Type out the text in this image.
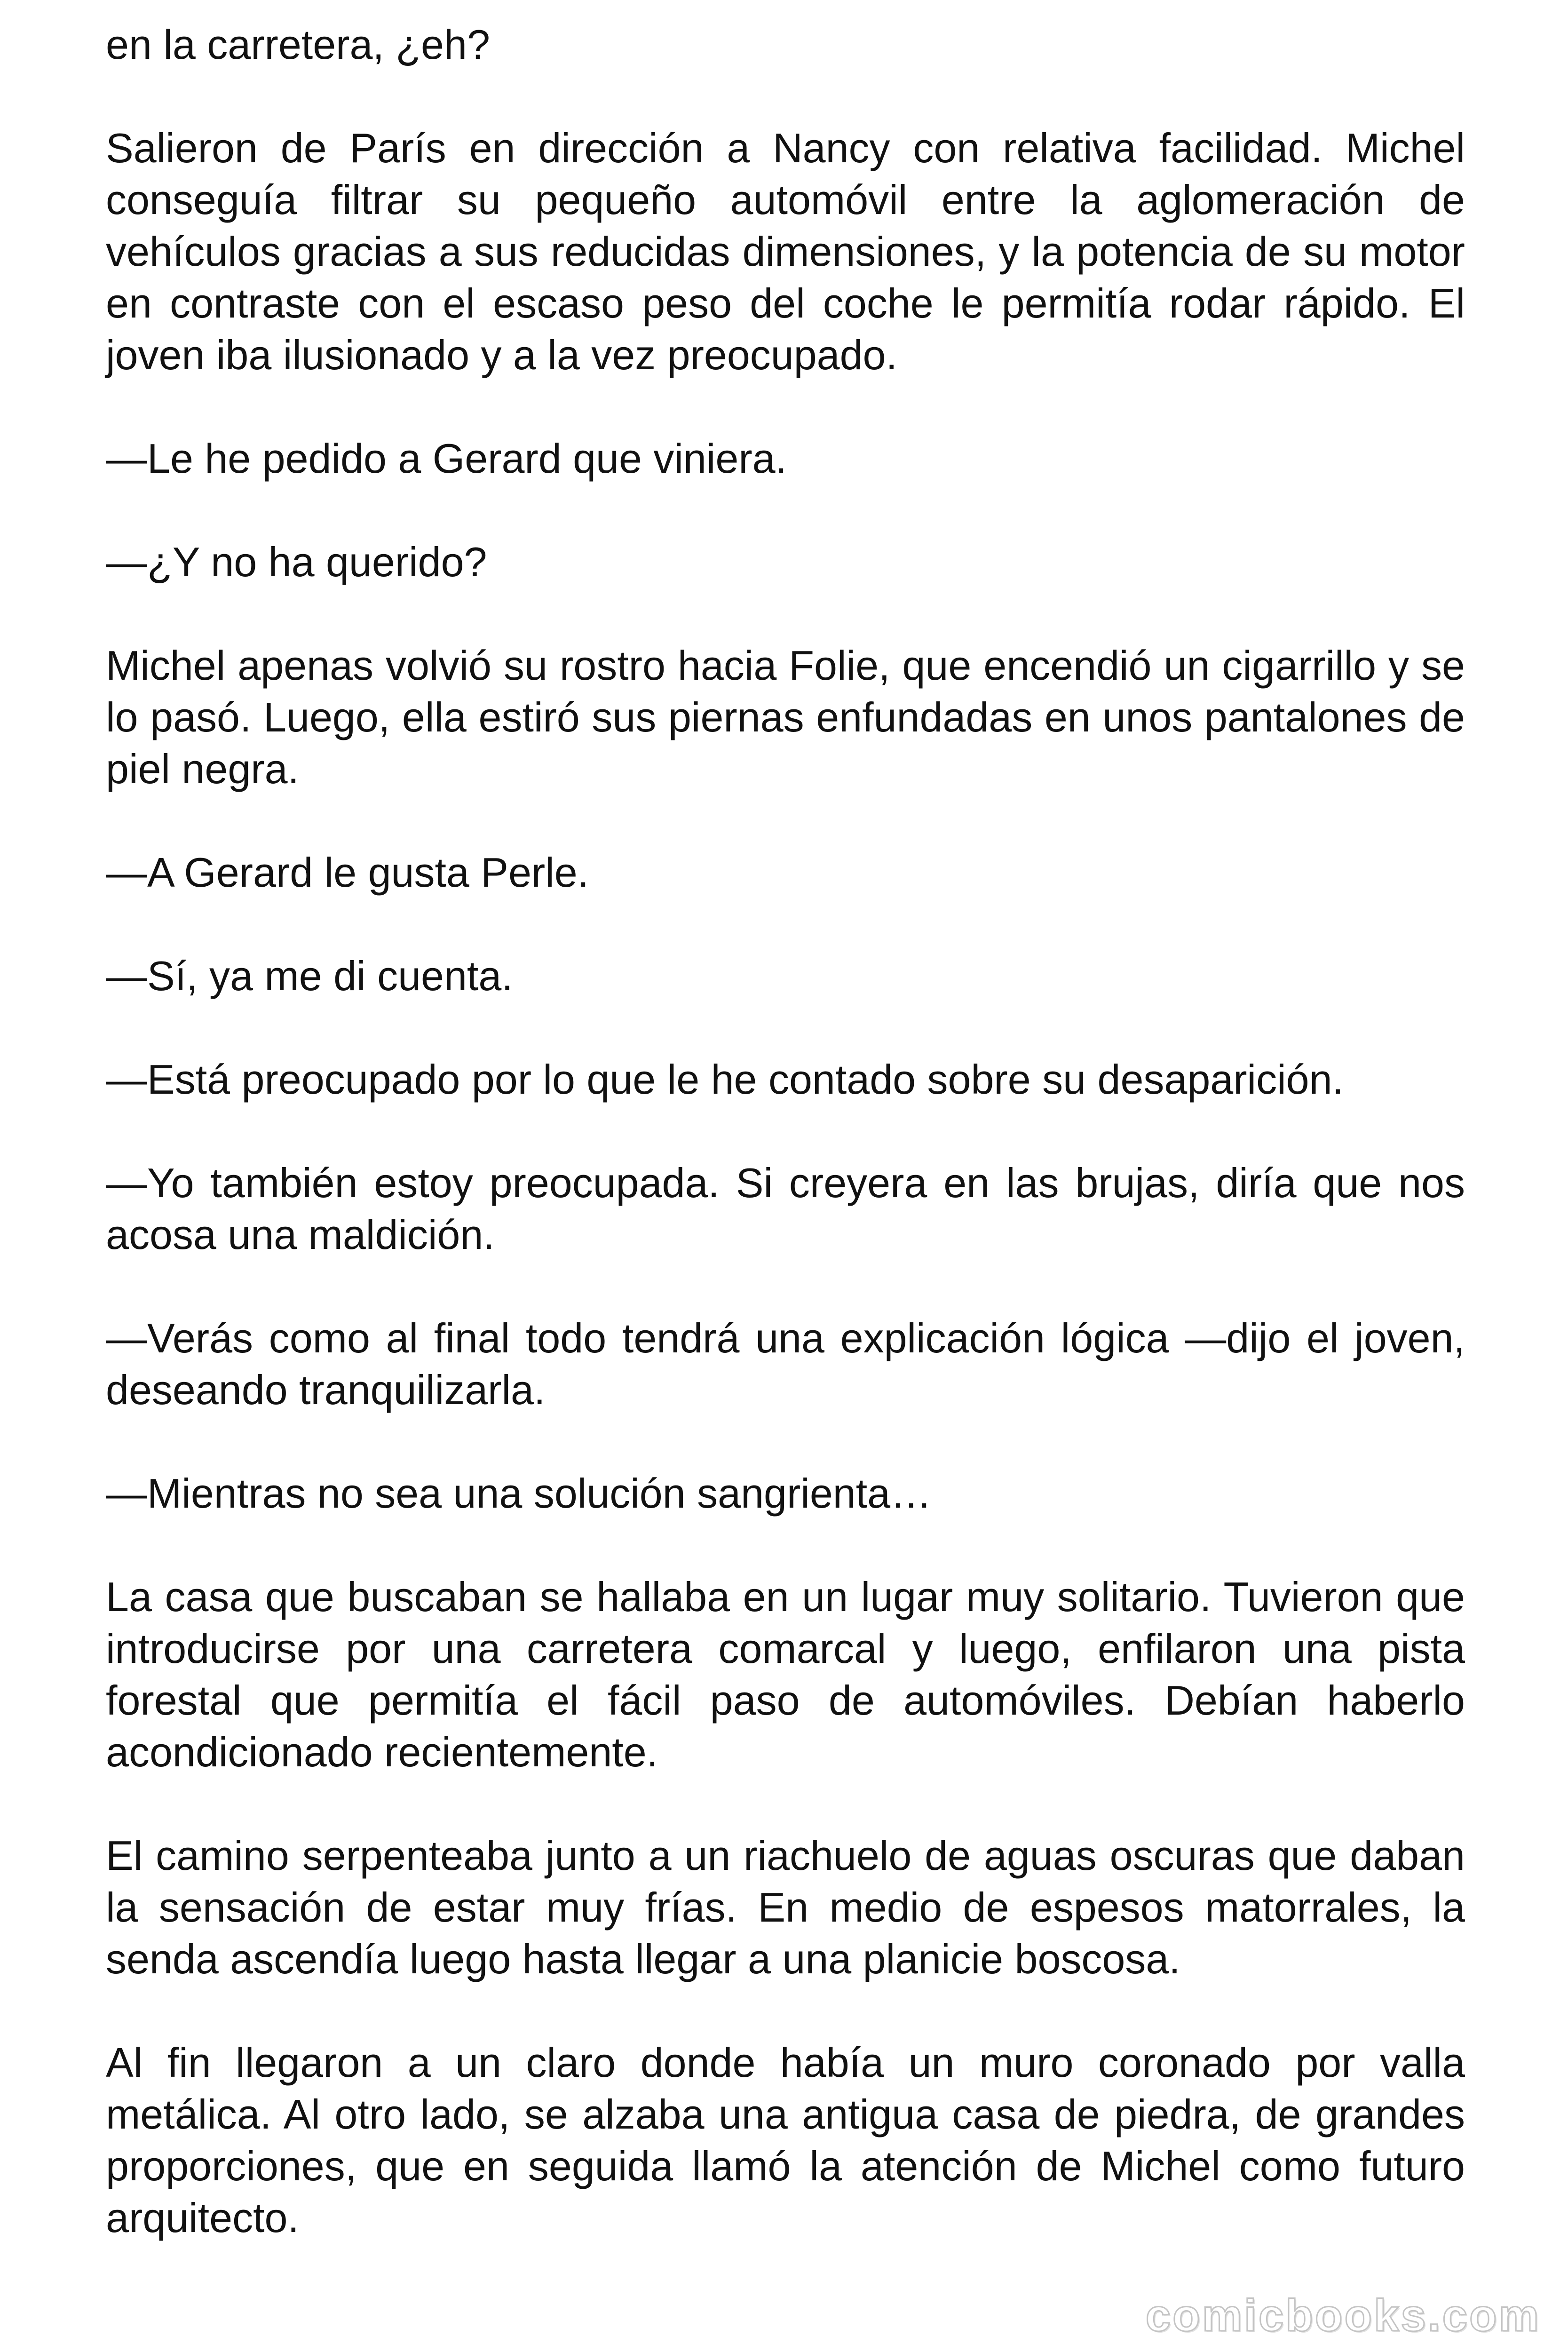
en la carretera, ¿eh?

Salieron de París en dirección a Nancy con relativa facilidad. Michel conseguía filtrar su pequeño automóvil entre la aglomeración de vehículos gracias a sus reducidas dimensiones, y la potencia de su motor en contraste con el escaso peso del coche le permitía rodar rápido. El joven iba ilusionado y a la vez preocupado.

—Le he pedido a Gerard que viniera.

—¿Y no ha querido?

Michel apenas volvió su rostro hacia Folie, que encendió un cigarrillo y se lo pasó. Luego, ella estiró sus piernas enfundadas en unos pantalones de piel negra.

—A Gerard le gusta Perle.

—Sí, ya me di cuenta.

—Está preocupado por lo que le he contado sobre su desaparición.

—Yo también estoy preocupada. Si creyera en las brujas, diría que nos acosa una maldición.

—Verás como al final todo tendrá una explicación lógica —dijo el joven, deseando tranquilizarla.

—Mientras no sea una solución sangrienta…

La casa que buscaban se hallaba en un lugar muy solitario. Tuvieron que introducirse por una carretera comarcal y luego, enfilaron una pista forestal que permitía el fácil paso de automóviles. Debían haberlo acondicionado recientemente.

El camino serpenteaba junto a un riachuelo de aguas oscuras que daban la sensación de estar muy frías. En medio de espesos matorrales, la senda ascendía luego hasta llegar a una planicie boscosa.

Al fin llegaron a un claro donde había un muro coronado por valla metálica. Al otro lado, se alzaba una antigua casa de piedra, de grandes proporciones, que en seguida llamó la atención de Michel como futuro arquitecto.

comicbooks.com
